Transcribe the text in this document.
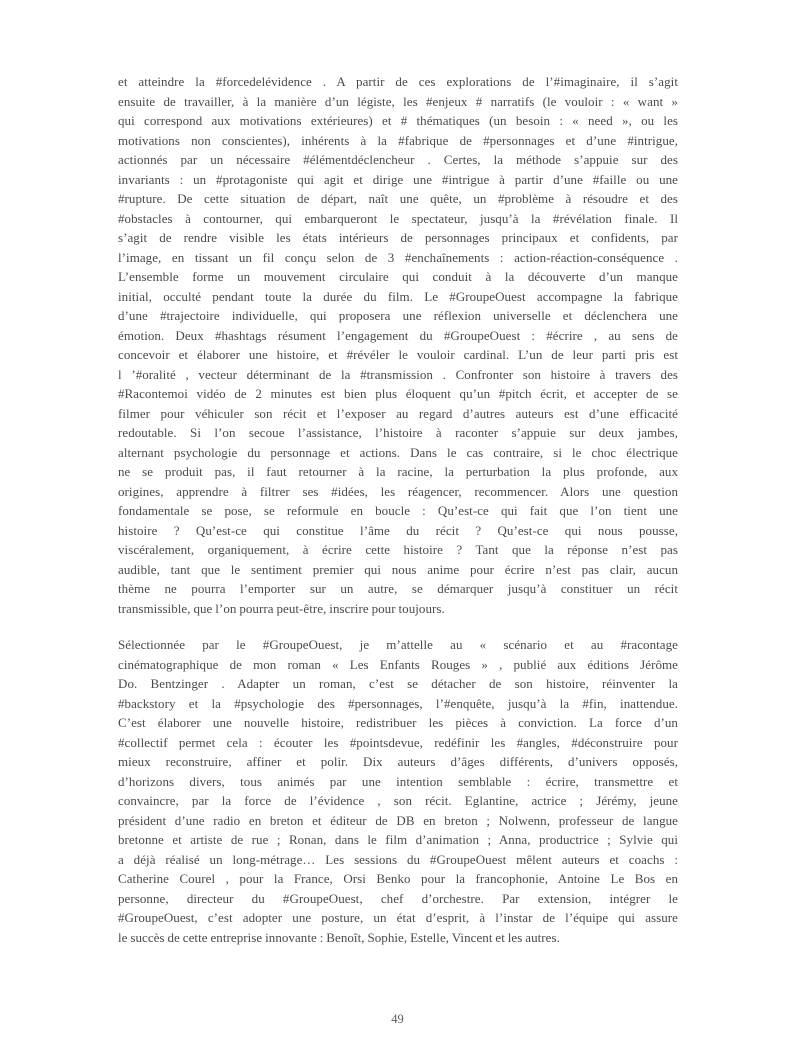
et atteindre la #forcedelévidence . A partir de ces explorations de l’#imaginaire, il s’agit
ensuite de travailler, à la manière d’un légiste, les #enjeux # narratifs (le vouloir : « want »
qui correspond aux motivations extérieures) et # thématiques (un besoin : « need », ou les
motivations non conscientes), inhérents à la #fabrique de #personnages et d’une #intrigue,
actionnés par un nécessaire #élémentdéclencheur . Certes, la méthode s’appuie sur des
invariants : un #protagoniste qui agit et dirige une #intrigue à partir d’une #faille ou une
#rupture. De cette situation de départ, naît une quête, un #problème à résoudre et des
#obstacles à contourner, qui embarqueront le spectateur, jusqu’à la #révélation finale. Il
s’agit de rendre visible les états intérieurs de personnages principaux et confidents, par
l’image, en tissant un fil conçu selon de 3 #enchaînements : action-réaction-conséquence .
L’ensemble forme un mouvement circulaire qui conduit à la découverte d’un manque
initial, occulté pendant toute la durée du film. Le #GroupeOuest accompagne la fabrique
d’une #trajectoire individuelle, qui proposera une réflexion universelle et déclenchera une
émotion. Deux #hashtags résument l’engagement du #GroupeOuest : #écrire , au sens de
concevoir et élaborer une histoire, et #révéler le vouloir cardinal. L’un de leur parti pris est
l ’#oralité , vecteur déterminant de la #transmission . Confronter son histoire à travers des
#Racontemoi vidéo de 2 minutes est bien plus éloquent qu’un #pitch écrit, et accepter de se
filmer pour véhiculer son récit et l’exposer au regard d’autres auteurs est d’une efficacité
redoutable. Si l’on secoue l’assistance, l’histoire à raconter s’appuie sur deux jambes,
alternant psychologie du personnage et actions. Dans le cas contraire, si le choc électrique
ne se produit pas, il faut retourner à la racine, la perturbation la plus profonde, aux
origines, apprendre à filtrer ses #idées, les réagencer, recommencer. Alors une question
fondamentale se pose, se reformule en boucle : Qu’est-ce qui fait que l’on tient une
histoire ? Qu’est-ce qui constitue l’âme du récit ? Qu’est-ce qui nous pousse,
viscéralement, organiquement, à écrire cette histoire ? Tant que la réponse n’est pas
audible, tant que le sentiment premier qui nous anime pour écrire n’est pas clair, aucun
thème ne pourra l’emporter sur un autre, se démarquer jusqu’à constituer un récit
transmissible, que l’on pourra peut-être, inscrire pour toujours.
Sélectionnée par le #GroupeOuest, je m’attelle au « scénario et au #racontage
cinématographique de mon roman « Les Enfants Rouges » , publié aux éditions Jérôme
Do. Bentzinger . Adapter un roman, c’est se détacher de son histoire, réinventer la
#backstory et la #psychologie des #personnages, l’#enquête, jusqu’à la #fin, inattendue.
C’est élaborer une nouvelle histoire, redistribuer les pièces à conviction. La force d’un
#collectif permet cela : écouter les #pointsdevue, redéfinir les #angles, #déconstruire pour
mieux reconstruire, affiner et polir. Dix auteurs d’âges différents, d’univers opposés,
d’horizons divers, tous animés par une intention semblable : écrire, transmettre et
convaincre, par la force de l’évidence , son récit. Eglantine, actrice ; Jérémy, jeune
président d’une radio en breton et éditeur de DB en breton ; Nolwenn, professeur de langue
bretonne et artiste de rue ; Ronan, dans le film d’animation ; Anna, productrice ; Sylvie qui
a déjà réalisé un long-métrage… Les sessions du #GroupeOuest mêlent auteurs et coachs :
Catherine Courel , pour la France, Orsi Benko pour la francophonie, Antoine Le Bos en
personne, directeur du #GroupeOuest, chef d’orchestre. Par extension, intégrer le
#GroupeOuest, c’est adopter une posture, un état d’esprit, à l’instar de l’équipe qui assure
le succès de cette entreprise innovante : Benoît, Sophie, Estelle, Vincent et les autres.
49
